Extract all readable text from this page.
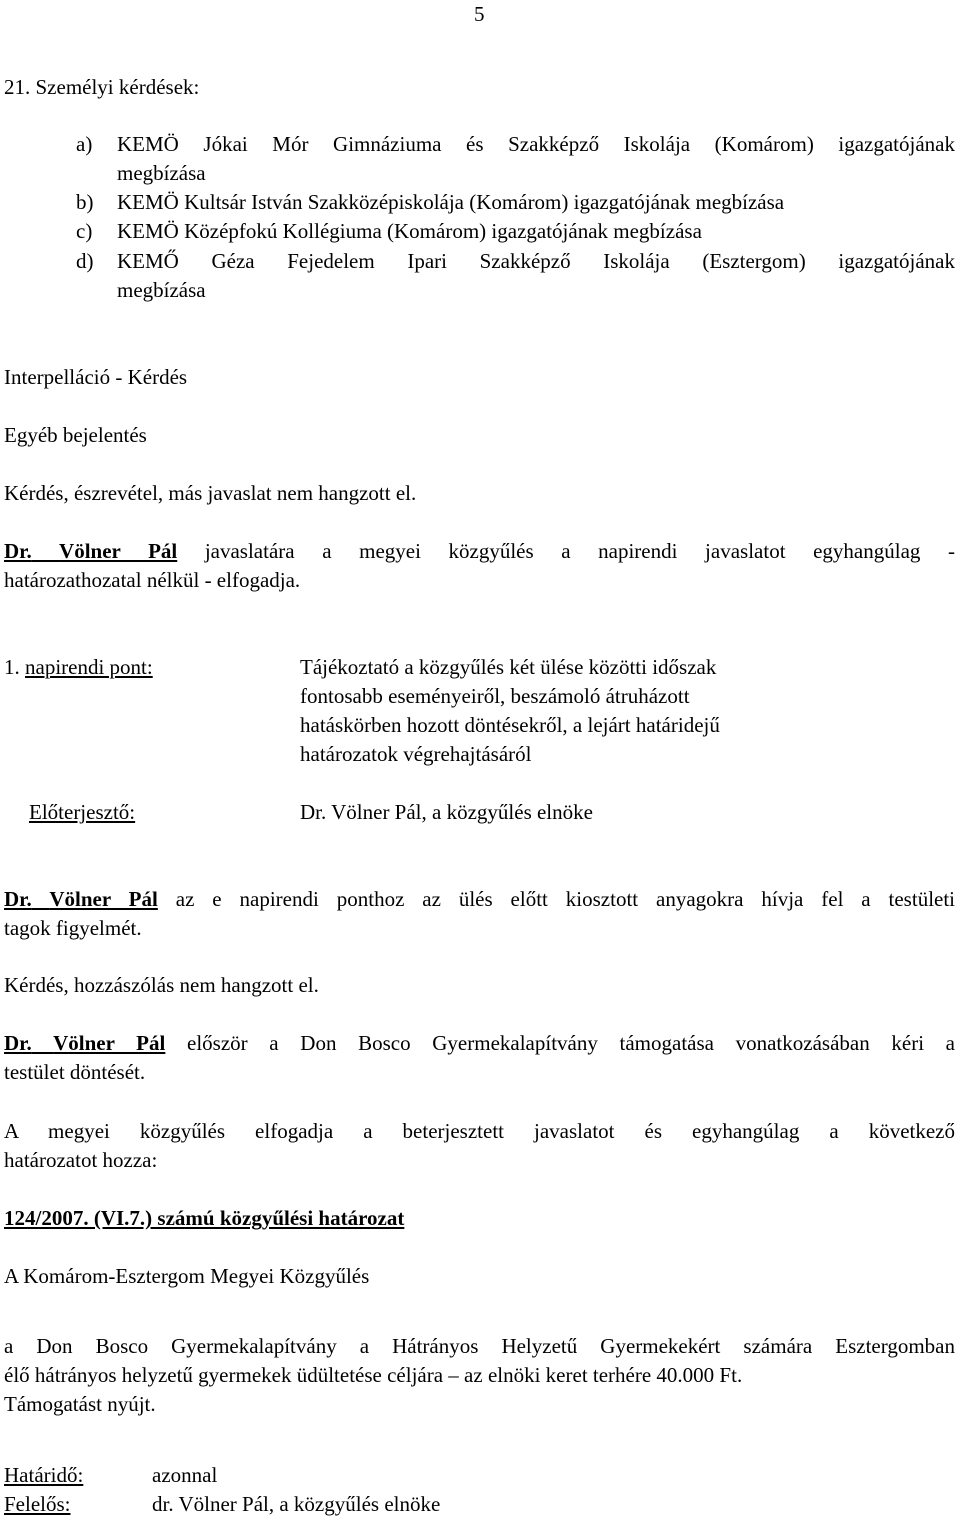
5
21. Személyi kérdések:
a) KEMÖ Jókai Mór Gimnáziuma és Szakképző Iskolája (Komárom) igazgatójának
megbízása
b) KEMÖ Kultsár István Szakközépiskolája (Komárom) igazgatójának megbízása
c) KEMÖ Középfokú Kollégiuma (Komárom) igazgatójának megbízása
d) KEMŐ Géza Fejedelem Ipari Szakképző Iskolája (Esztergom) igazgatójának
megbízása
Interpelláció - Kérdés
Egyéb bejelentés
Kérdés, észrevétel, más javaslat nem hangzott el.
Dr. Völner Pál javaslatára a megyei közgyűlés a napirendi javaslatot egyhangúlag -
határozathozatal nélkül - elfogadja.
1. napirendi pont:	Tájékoztató a közgyűlés két ülése közötti időszak
fontosabb eseményeiről, beszámoló átruházott
hatáskörben hozott döntésekről, a lejárt határidejű
határozatok végrehajtásáról
Előterjesztő:	Dr. Völner Pál, a közgyűlés elnöke
Dr. Völner Pál az e napirendi ponthoz az ülés előtt kiosztott anyagokra hívja fel a testületi
tagok figyelmét.
Kérdés, hozzászólás nem hangzott el.
Dr. Völner Pál először a Don Bosco Gyermekalapítvány támogatása vonatkozásában kéri a
testület döntését.
A megyei közgyűlés elfogadja a beterjesztett javaslatot és egyhangúlag a következő
határozatot hozza:
124/2007. (VI.7.) számú közgyűlési határozat
A Komárom-Esztergom Megyei Közgyűlés
a Don Bosco Gyermekalapítvány a Hátrányos Helyzetű Gyermekekért számára Esztergomban
élő hátrányos helyzetű gyermekek üdültetése céljára – az elnöki keret terhére 40.000 Ft.
Támogatást nyújt.
Határidő:	azonnal
Felelős:	dr. Völner Pál, a közgyűlés elnöke
